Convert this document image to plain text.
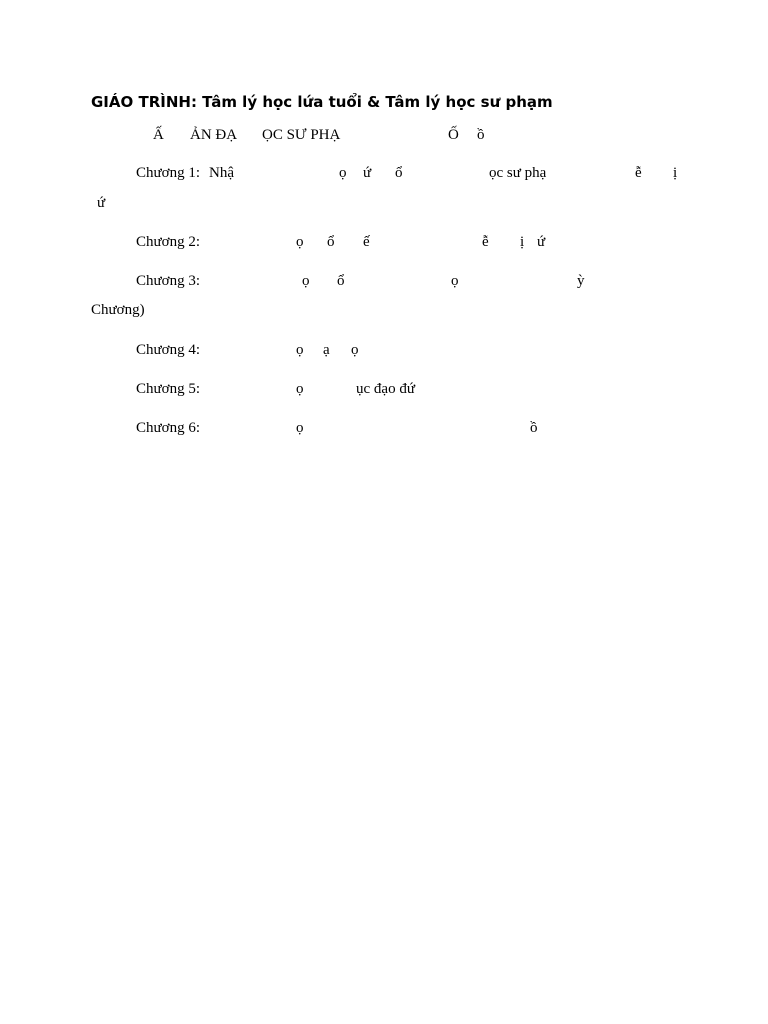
GIÁO TRÌNH: Tâm lý học lứa tuổi & Tâm lý học sư phạm
Ấ ẢN ĐẠ ỌC SƯ PHẠ	Ố ồ
Chương 1: Nhậ	ọ ứ ổ	ọc sư phạ	ễ ị
ứ
Chương 2:	ọ ổ ế	ễ ị ứ
Chương 3:	ọ ổ	ọ	ỳ
Chương)
Chương 4:	ọ ạ ọ
Chương 5:	ọ	ục đạo đứ
Chương 6:	ọ	ồ
